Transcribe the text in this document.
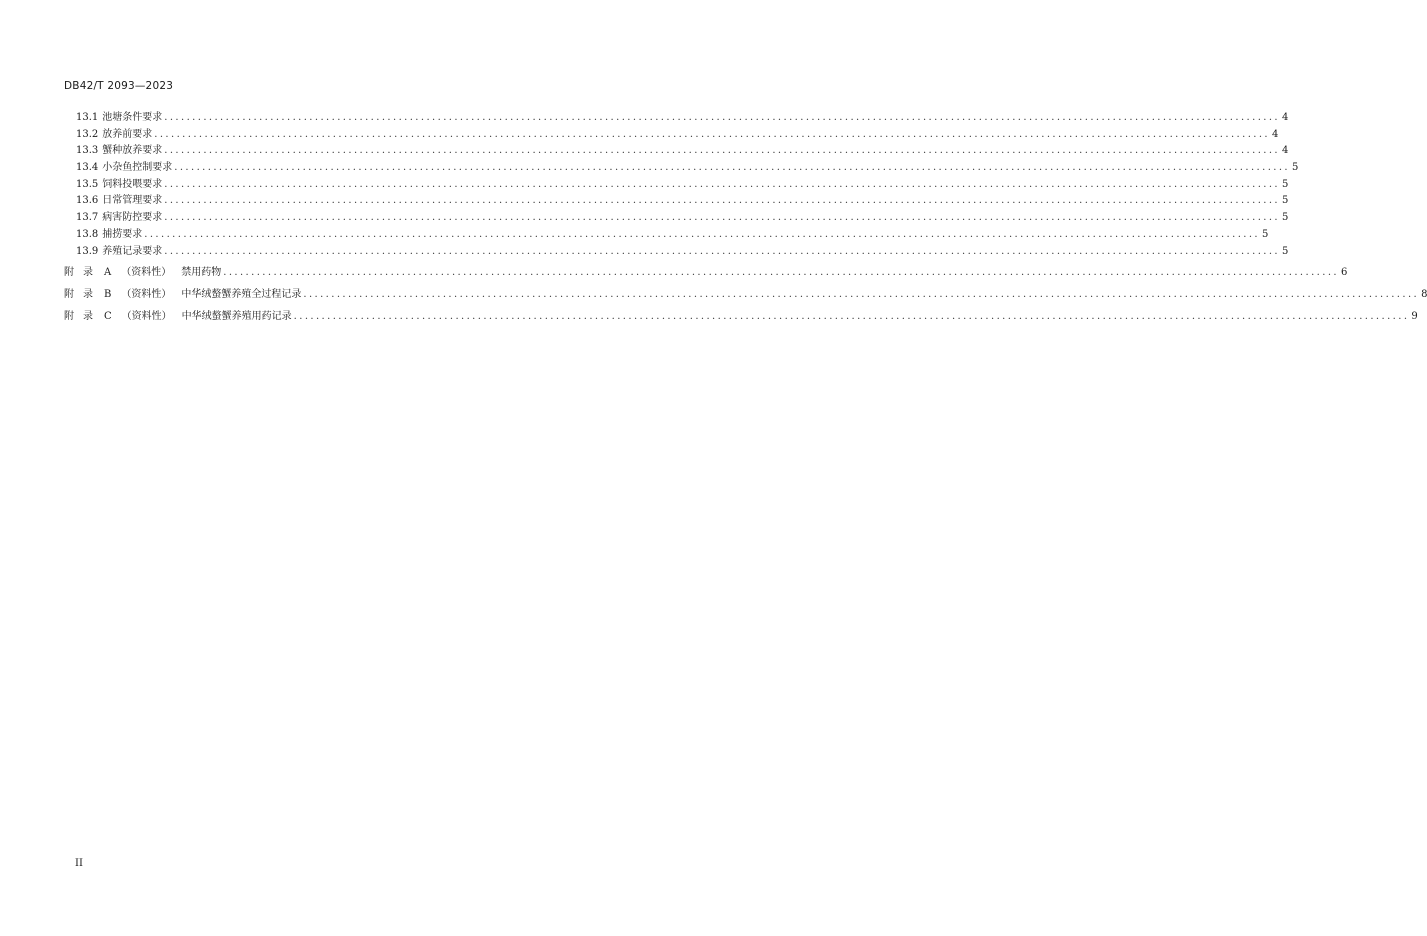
DB42/T 2093—2023
13.1 池塘条件要求 ........................................................................................................................................................................................................ 4
13.2 放养前要求 ........................................................................................................................................................................................................ 4
13.3 蟹种放养要求 ........................................................................................................................................................................................................ 4
13.4 小杂鱼控制要求 ........................................................................................................................................................................................................ 5
13.5 饲料投喂要求 ........................................................................................................................................................................................................ 5
13.6 日常管理要求 ........................................................................................................................................................................................................ 5
13.7 病害防控要求 ........................................................................................................................................................................................................ 5
13.8 捕捞要求 ........................................................................................................................................................................................................ 5
13.9 养殖记录要求 ........................................................................................................................................................................................................ 5
附录 A （资料性） 禁用药物 ........................................................................................................................................................................................................ 6
附录 B （资料性） 中华绒螯蟹养殖全过程记录 ........................................................................................................................................................................................................ 8
附录 C （资料性） 中华绒螯蟹养殖用药记录 ........................................................................................................................................................................................................ 9
II
